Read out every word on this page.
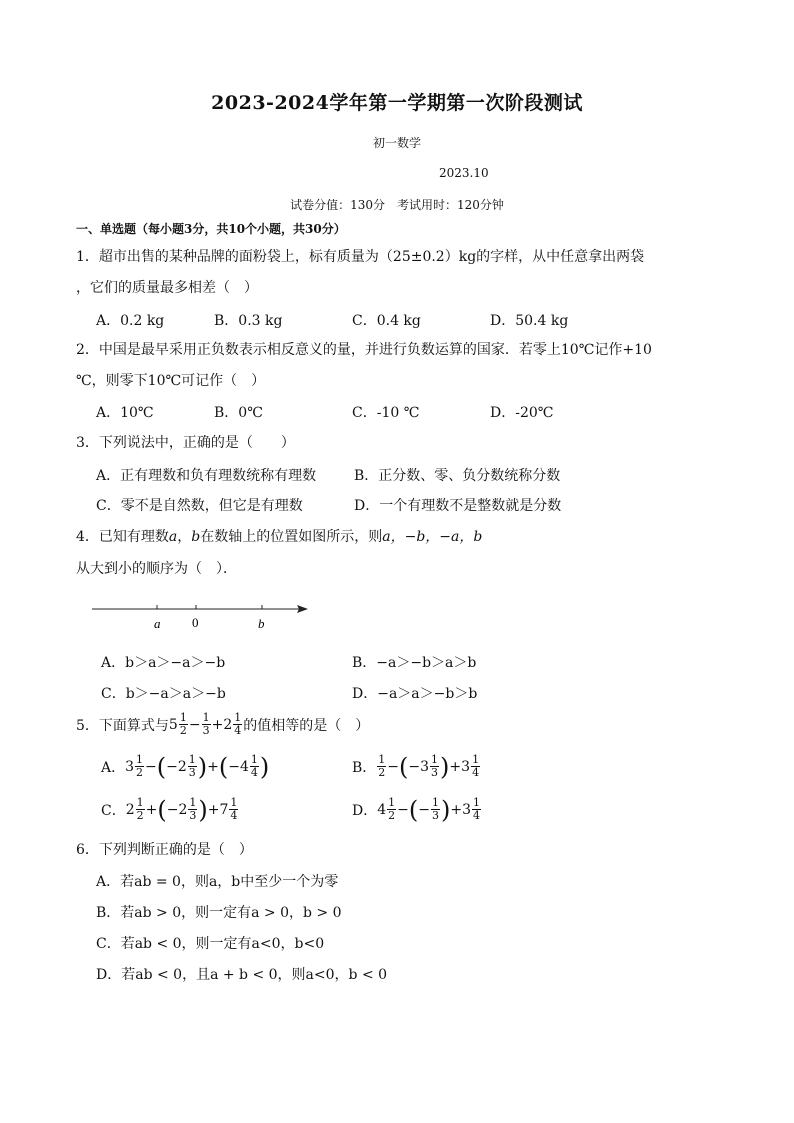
2023-2024学年第一学期第一次阶段测试
初一数学
2023.10
试卷分值：130分　考试用时：120分钟
一、单选题（每小题3分，共10个小题，共30分）
1．超市出售的某种品牌的面粉袋上，标有质量为（25±0.2）kg的字样，从中任意拿出两袋
，它们的质量最多相差（　）
A．0.2 kg	B．0.3 kg	C．0.4 kg	D．50.4 kg
2．中国是最早采用正负数表示相反意义的量，并进行负数运算的国家．若零上10℃记作+10
℃，则零下10℃可记作（　）
A．10℃	B．0℃	C．-10 ℃	D．-20℃
3．下列说法中，正确的是（　　）
A．正有理数和负有理数统称有理数	B．正分数、零、负分数统称分数
C．零不是自然数，但它是有理数	D．一个有理数不是整数就是分数
4．已知有理数a，b在数轴上的位置如图所示，则a，−b，−a，b
从大到小的顺序为（　）．
a 0	b
A．b＞a＞−a＞−b	B．−a＞−b＞a＞b
C．b＞−a＞a＞−b	D．−a＞a＞−b＞b
5．下面算式与 $5 \frac{1}{2} - \frac{1}{3} + 2 \frac{1}{4}$ 的值相等的是（　）
A． $3 \frac{1}{2}$ − ( $-2 \frac{1}{3}$ ) + ( $-4 \frac{1}{4}$ )	B． $\frac{1}{2}$ − ( $-3 \frac{1}{3}$ ) + $3 \frac{1}{4}$
C． $2 \frac{1}{2}$ + ( $-2 \frac{1}{3}$ ) + $7 \frac{1}{4}$	D． $4 \frac{1}{2}$ − ( − $\frac{1}{3}$ ) + $3 \frac{1}{4}$
6．下列判断正确的是（　）
A．若ab = 0，则a，b中至少一个为零
B．若ab > 0，则一定有a > 0，b > 0
C．若ab < 0，则一定有a<0，b<0
D．若ab < 0，且a + b < 0，则a<0，b < 0
